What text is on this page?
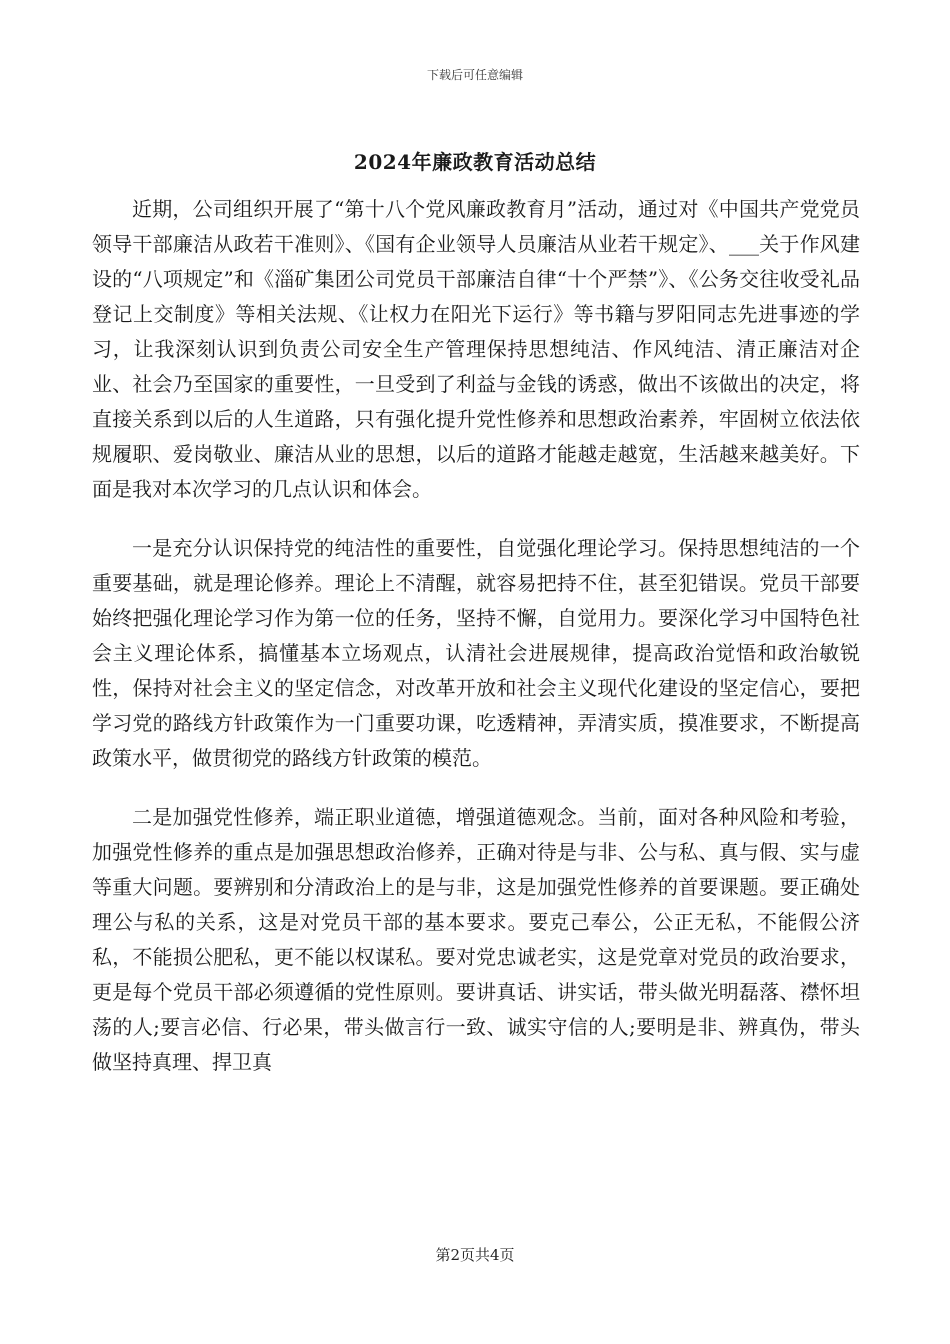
下载后可任意编辑
2024年廉政教育活动总结

近期，公司组织开展了“第十八个党风廉政教育月”活动，通过对《中国共产党党员领导干部廉洁从政若干准则》、《国有企业领导人员廉洁从业若干规定》、___关于作风建设的“八项规定”和《淄矿集团公司党员干部廉洁自律“十个严禁”》、《公务交往收受礼品登记上交制度》等相关法规、《让权力在阳光下运行》等书籍与罗阳同志先进事迹的学习，让我深刻认识到负责公司安全生产管理保持思想纯洁、作风纯洁、清正廉洁对企业、社会乃至国家的重要性，一旦受到了利益与金钱的诱惑，做出不该做出的决定，将直接关系到以后的人生道路，只有强化提升党性修养和思想政治素养，牢固树立依法依规履职、爱岗敬业、廉洁从业的思想，以后的道路才能越走越宽，生活越来越美好。下面是我对本次学习的几点认识和体会。

一是充分认识保持党的纯洁性的重要性，自觉强化理论学习。保持思想纯洁的一个重要基础，就是理论修养。理论上不清醒，就容易把持不住，甚至犯错误。党员干部要始终把强化理论学习作为第一位的任务，坚持不懈，自觉用力。要深化学习中国特色社会主义理论体系，搞懂基本立场观点，认清社会进展规律，提高政治觉悟和政治敏锐性，保持对社会主义的坚定信念，对改革开放和社会主义现代化建设的坚定信心，要把学习党的路线方针政策作为一门重要功课，吃透精神，弄清实质，摸准要求，不断提高政策水平，做贯彻党的路线方针政策的模范。

二是加强党性修养，端正职业道德，增强道德观念。当前，面对各种风险和考验，加强党性修养的重点是加强思想政治修养，正确对待是与非、公与私、真与假、实与虚等重大问题。要辨别和分清政治上的是与非，这是加强党性修养的首要课题。要正确处理公与私的关系，这是对党员干部的基本要求。要克己奉公，公正无私，不能假公济私，不能损公肥私，更不能以权谋私。要对党忠诚老实，这是党章对党员的政治要求，更是每个党员干部必须遵循的党性原则。要讲真话、讲实话，带头做光明磊落、襟怀坦荡的人;要言必信、行必果，带头做言行一致、诚实守信的人;要明是非、辨真伪，带头做坚持真理、捍卫真

第2页共4页
